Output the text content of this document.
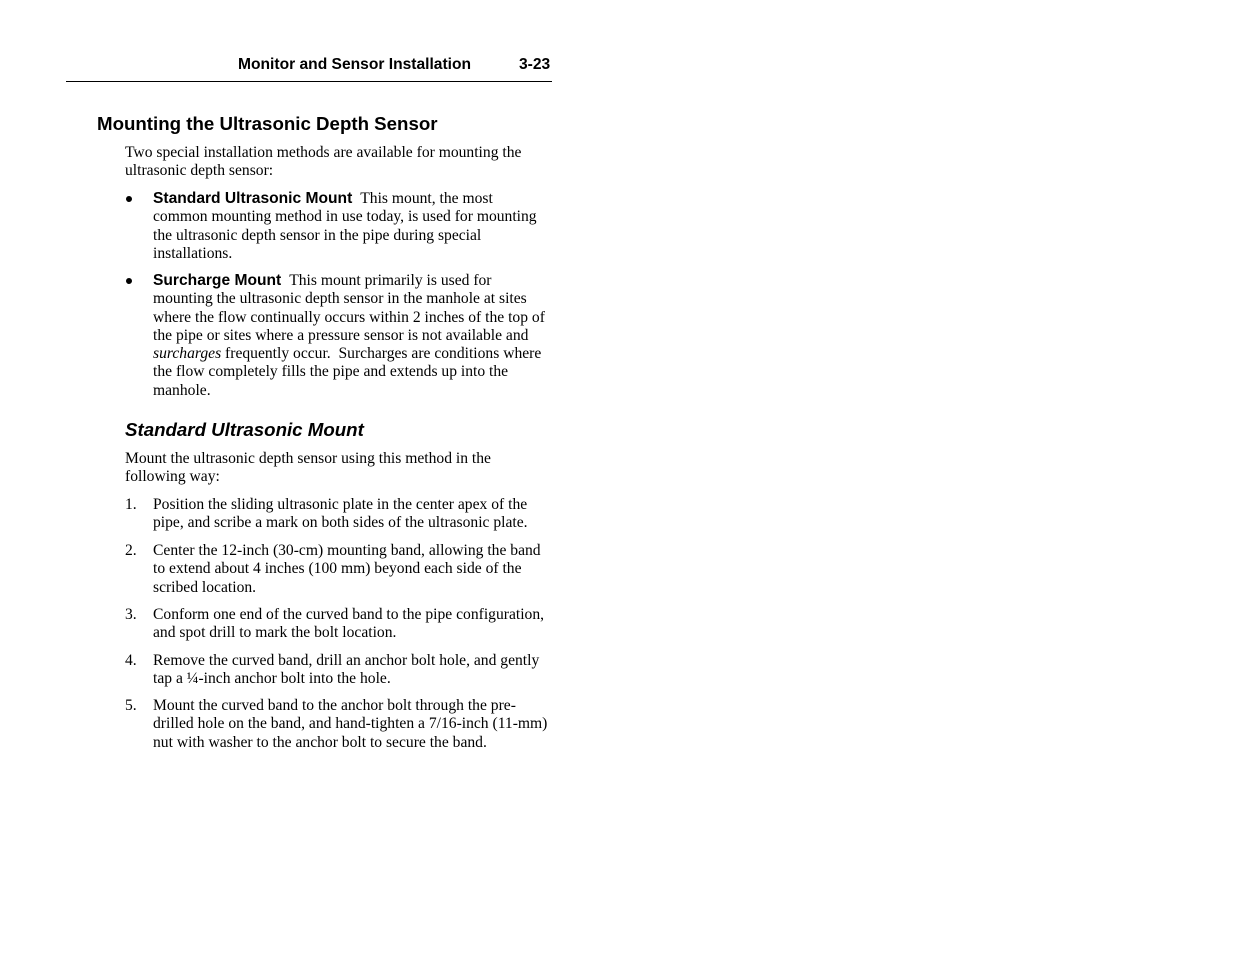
Monitor and Sensor Installation	3-23
Mounting the Ultrasonic Depth Sensor
Two special installation methods are available for mounting the
ultrasonic depth sensor:
Standard Ultrasonic Mount This mount, the most
common mounting method in use today, is used for mounting
the ultrasonic depth sensor in the pipe during special
installations.
Surcharge Mount This mount primarily is used for
mounting the ultrasonic depth sensor in the manhole at sites
where the flow continually occurs within 2 inches of the top of
the pipe or sites where a pressure sensor is not available and
surcharges frequently occur.  Surcharges are conditions where
the flow completely fills the pipe and extends up into the
manhole.
Standard Ultrasonic Mount
Mount the ultrasonic depth sensor using this method in the
following way:
1. Position the sliding ultrasonic plate in the center apex of the
pipe, and scribe a mark on both sides of the ultrasonic plate.
2. Center the 12-inch (30-cm) mounting band, allowing the band
to extend about 4 inches (100 mm) beyond each side of the
scribed location.
3. Conform one end of the curved band to the pipe configuration,
and spot drill to mark the bolt location.
4. Remove the curved band, drill an anchor bolt hole, and gently
tap a ¼-inch anchor bolt into the hole.
5. Mount the curved band to the anchor bolt through the pre-
drilled hole on the band, and hand-tighten a 7/16-inch (11-mm)
nut with washer to the anchor bolt to secure the band.
